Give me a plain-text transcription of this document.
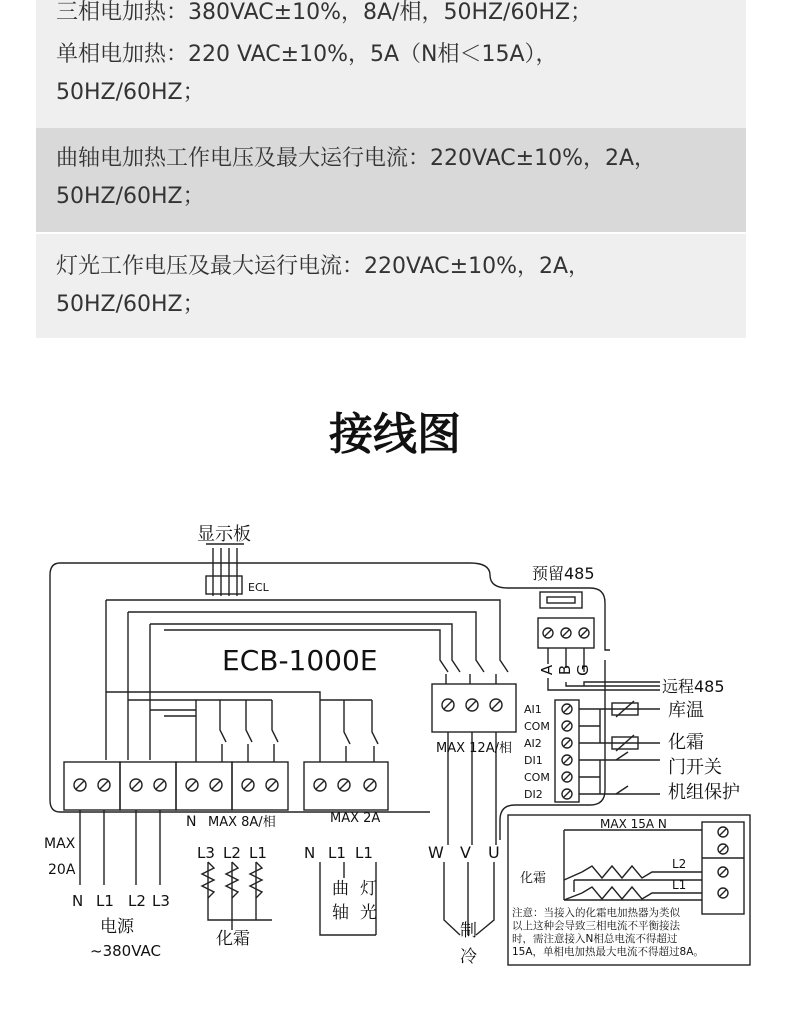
三相电加热：380VAC±10%，8A/相，50HZ/60HZ；
单相电加热：220 VAC±10%，5A（N相＜15A），
50HZ/60HZ；
曲轴电加热工作电压及最大运行电流：220VAC±10%，2A，
50HZ/60HZ；
灯光工作电压及最大运行电流：220VAC±10%，2A，
50HZ/60HZ；
接线图
显示板
ECL
预留485
ECB-1000E	A B G
远程485
AI1
COM
AI2
DI1
COM
DI2
库温
化霜
门开关
机组保护
MAX 12A/相
N MAX 8A/相	MAX 2A
MAX
20A
L3 L2 L1 N L1 L1	W V U
N L1 L2 L3
电源
~380VAC
化霜
曲
轴
灯
光
制
冷
MAX 15A N
化霜
L2
L1
注意：当接入的化霜电加热器为类似
以上这种会导致三相电流不平衡接法
时，需注意接入N相总电流不得超过
15A，单相电加热最大电流不得超过8A。
